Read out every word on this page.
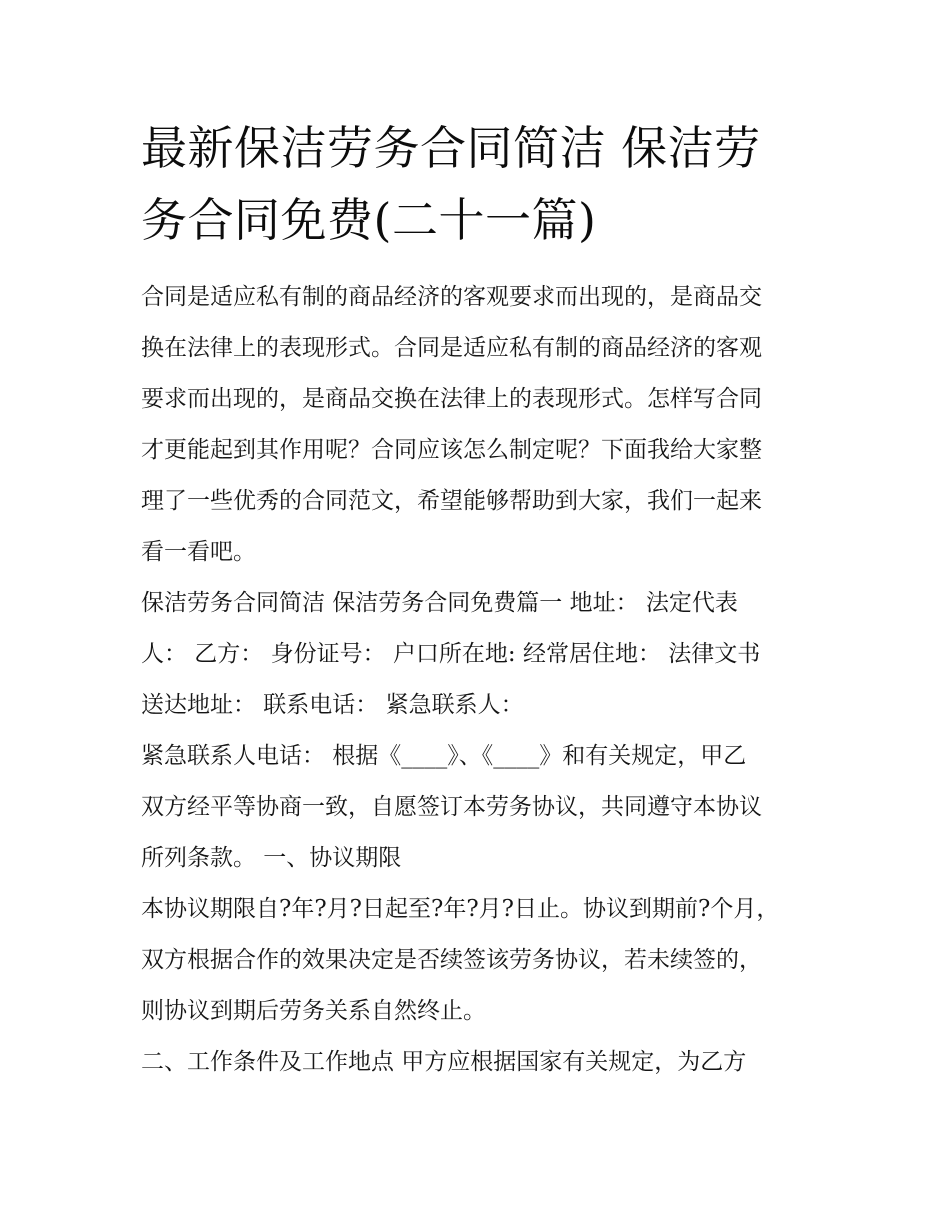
最新保洁劳务合同简洁 保洁劳
务合同免费(二十一篇)

合同是适应私有制的商品经济的客观要求而出现的，是商品交
换在法律上的表现形式。合同是适应私有制的商品经济的客观
要求而出现的，是商品交换在法律上的表现形式。怎样写合同
才更能起到其作用呢？合同应该怎么制定呢？下面我给大家整
理了一些优秀的合同范文，希望能够帮助到大家，我们一起来
看一看吧。

保洁劳务合同简洁 保洁劳务合同免费篇一 地址： 法定代表
人： 乙方： 身份证号： 户口所在地: 经常居住地： 法律文书
送达地址： 联系电话： 紧急联系人：

紧急联系人电话： 根据《____》、《____》和有关规定，甲乙
双方经平等协商一致，自愿签订本劳务协议，共同遵守本协议
所列条款。 一、协议期限

本协议期限自?年?月?日起至?年?月?日止。协议到期前?个月，
双方根据合作的效果决定是否续签该劳务协议，若未续签的，
则协议到期后劳务关系自然终止。

二、工作条件及工作地点 甲方应根据国家有关规定，为乙方
